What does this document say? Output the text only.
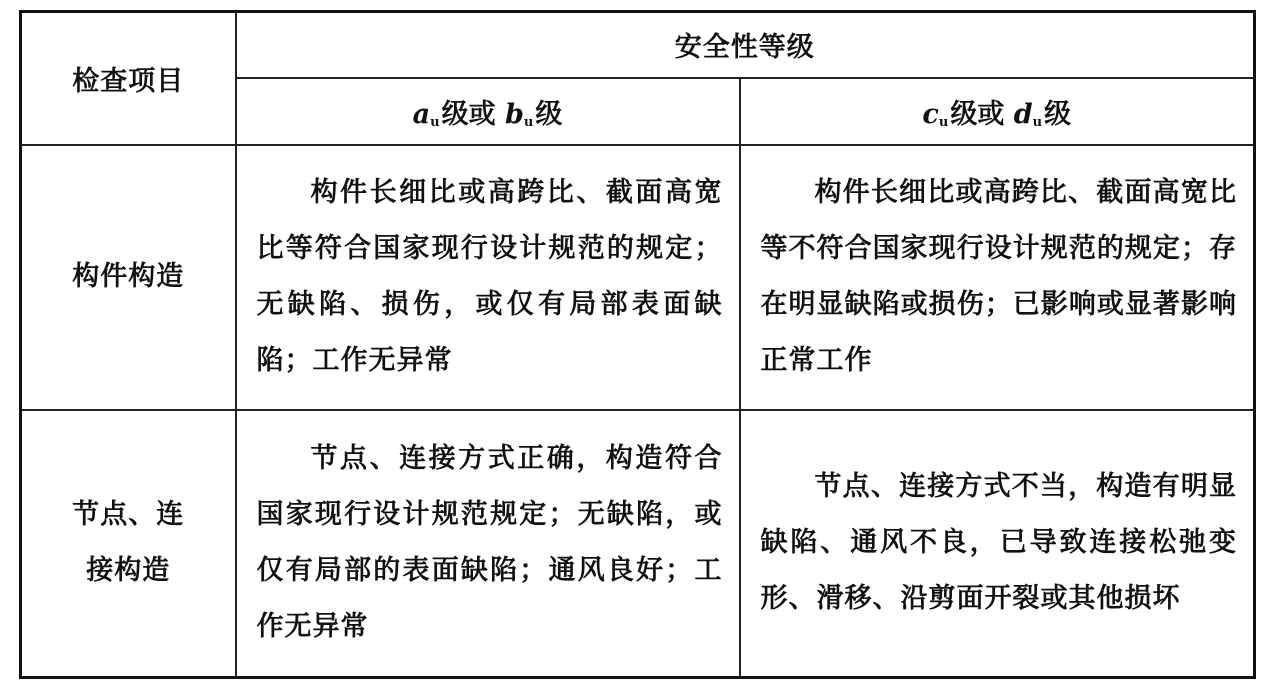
检查项目	安全性等级	
	$a_u$级或 $b_u$级	$c_u$级或 $d_u$级
构件构造	构件长细比或高跨比、截面高宽比等符合国家现行设计规范的规定；无缺陷、损伤，或仅有局部表面缺陷；工作无异常	构件长细比或高跨比、截面高宽比等不符合国家现行设计规范的规定；存在明显缺陷或损伤；已影响或显著影响正常工作
节点、连接构造	节点、连接方式正确，构造符合国家现行设计规范规定；无缺陷，或仅有局部的表面缺陷；通风良好；工作无异常	节点、连接方式不当，构造有明显缺陷、通风不良，已导致连接松弛变形、滑移、沿剪面开裂或其他损坏
